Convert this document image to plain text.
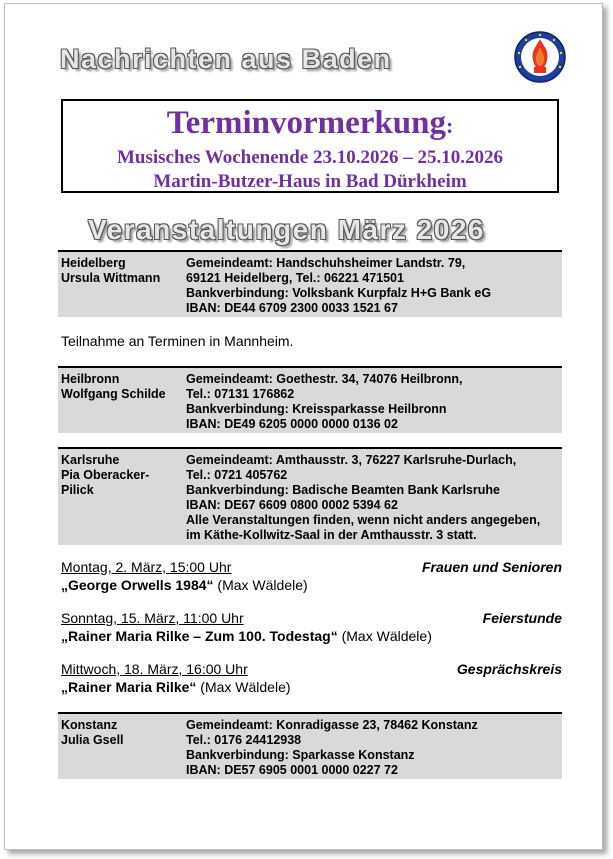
Nachrichten aus Baden
Terminvormerkung:
Musisches Wochenende 23.10.2026 – 25.10.2026
Martin-Butzer-Haus in Bad Dürkheim
Veranstaltungen März 2026
Heidelberg
Ursula Wittmann
Gemeindeamt: Handschuhsheimer Landstr. 79,
69121 Heidelberg, Tel.: 06221 471501
Bankverbindung: Volksbank Kurpfalz H+G Bank eG
IBAN: DE44 6709 2300 0033 1521 67
Teilnahme an Terminen in Mannheim.
Heilbronn
Wolfgang Schilde
Gemeindeamt: Goethestr. 34, 74076 Heilbronn,
Tel.: 07131 176862
Bankverbindung: Kreissparkasse Heilbronn
IBAN: DE49 6205 0000 0000 0136 02
Karlsruhe
Pia Oberacker-
Pilick
Gemeindeamt: Amthausstr. 3, 76227 Karlsruhe-Durlach,
Tel.: 0721 405762
Bankverbindung: Badische Beamten Bank Karlsruhe
IBAN: DE67 6609 0800 0002 5394 62
Alle Veranstaltungen finden, wenn nicht anders angegeben,
im Käthe-Kollwitz-Saal in der Amthausstr. 3 statt.
Montag, 2. März, 15:00 Uhr	Frauen und Senioren
„George Orwells 1984“ (Max Wäldele)
Sonntag, 15. März, 11:00 Uhr	Feierstunde
„Rainer Maria Rilke – Zum 100. Todestag“ (Max Wäldele)
Mittwoch, 18. März, 16:00 Uhr	Gesprächskreis
„Rainer Maria Rilke“ (Max Wäldele)
Konstanz
Julia Gsell
Gemeindeamt: Konradigasse 23, 78462 Konstanz
Tel.: 0176 24412938
Bankverbindung: Sparkasse Konstanz
IBAN: DE57 6905 0001 0000 0227 72
